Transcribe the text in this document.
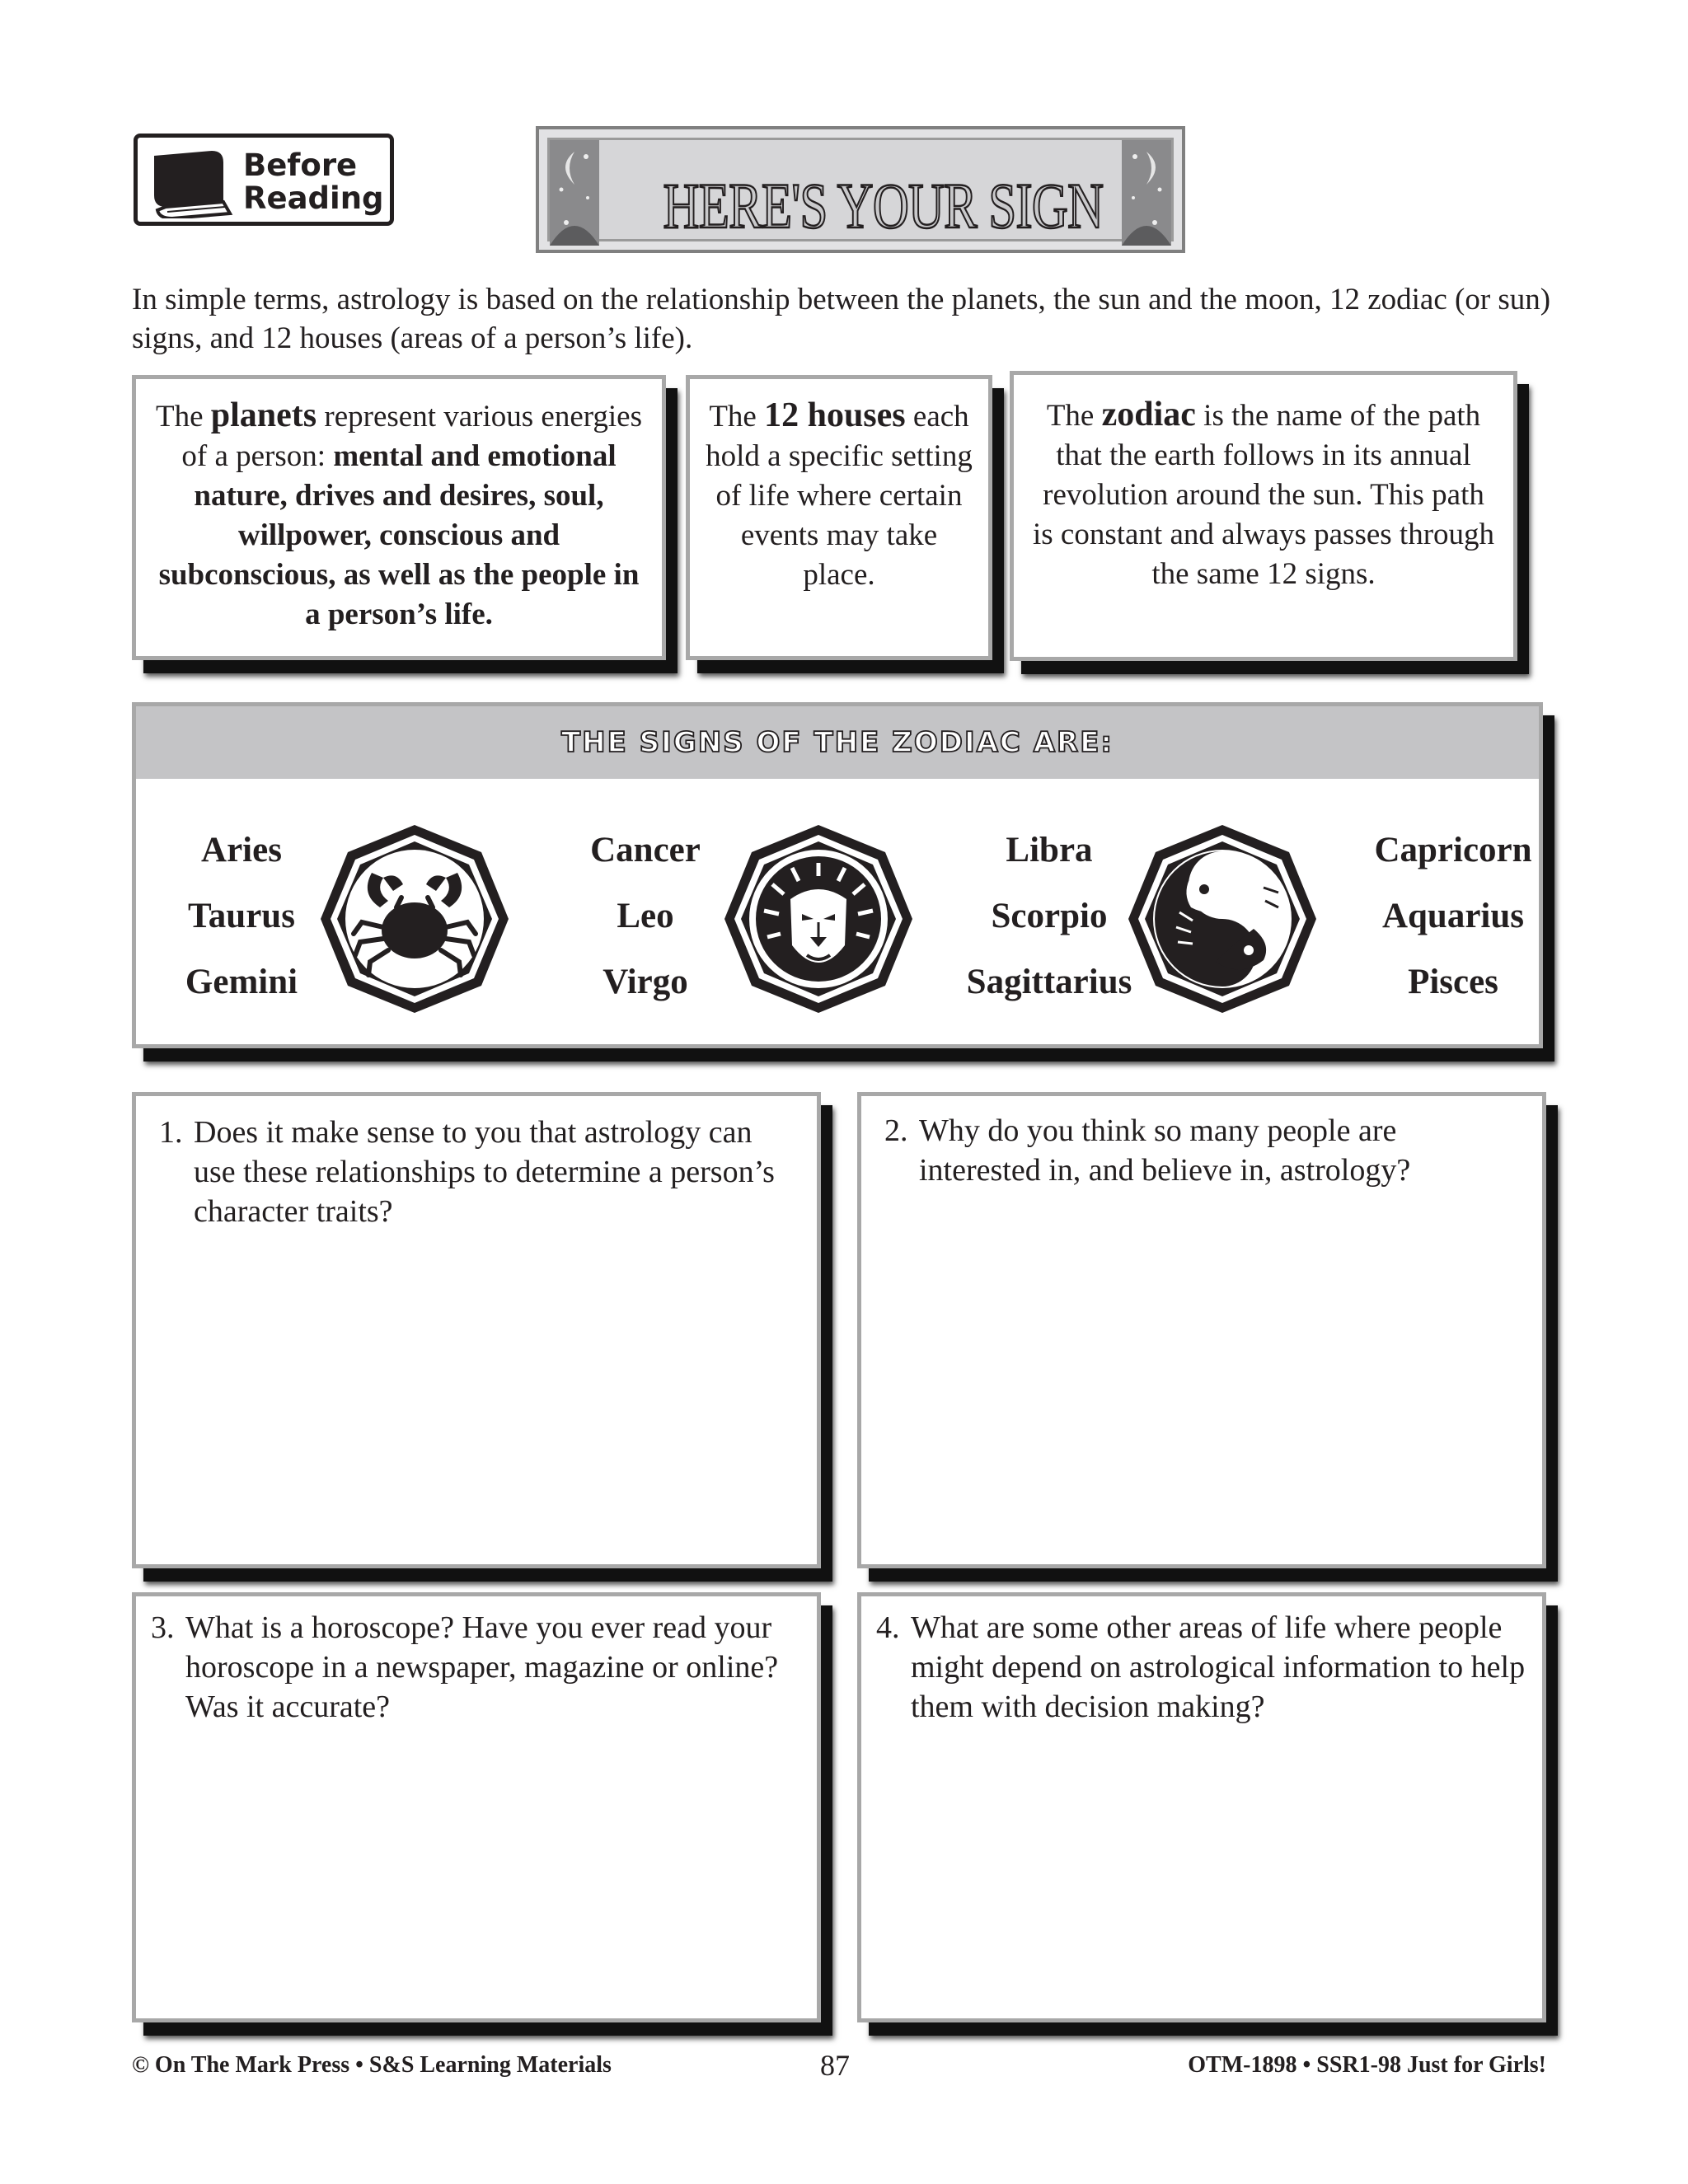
Before Reading	HERE'S YOUR SIGN
In simple terms, astrology is based on the relationship between the planets, the sun and the moon, 12 zodiac (or sun) signs, and 12 houses (areas of a person’s life).
The planets represent various energies of a person: mental and emotional nature, drives and desires, soul, willpower, conscious and subconscious, as well as the people in a person’s life.
The 12 houses each hold a specific setting of life where certain events may take place.
The zodiac is the name of the path that the earth follows in its annual revolution around the sun. This path is constant and always passes through the same 12 signs.
THE SIGNS OF THE ZODIAC ARE:
Aries
Taurus
Gemini
Cancer
Leo
Virgo
Libra
Scorpio
Sagittarius
Capricorn
Aquarius
Pisces
1. Does it make sense to you that astrology can use these relationships to determine a person’s character traits?
2. Why do you think so many people are interested in, and believe in, astrology?
3. What is a horoscope? Have you ever read your horoscope in a newspaper, magazine or online? Was it accurate?
4. What are some other areas of life where people might depend on astrological information to help them with decision making?
© On The Mark Press • S&S Learning Materials	87	OTM-1898 • SSR1-98 Just for Girls!
